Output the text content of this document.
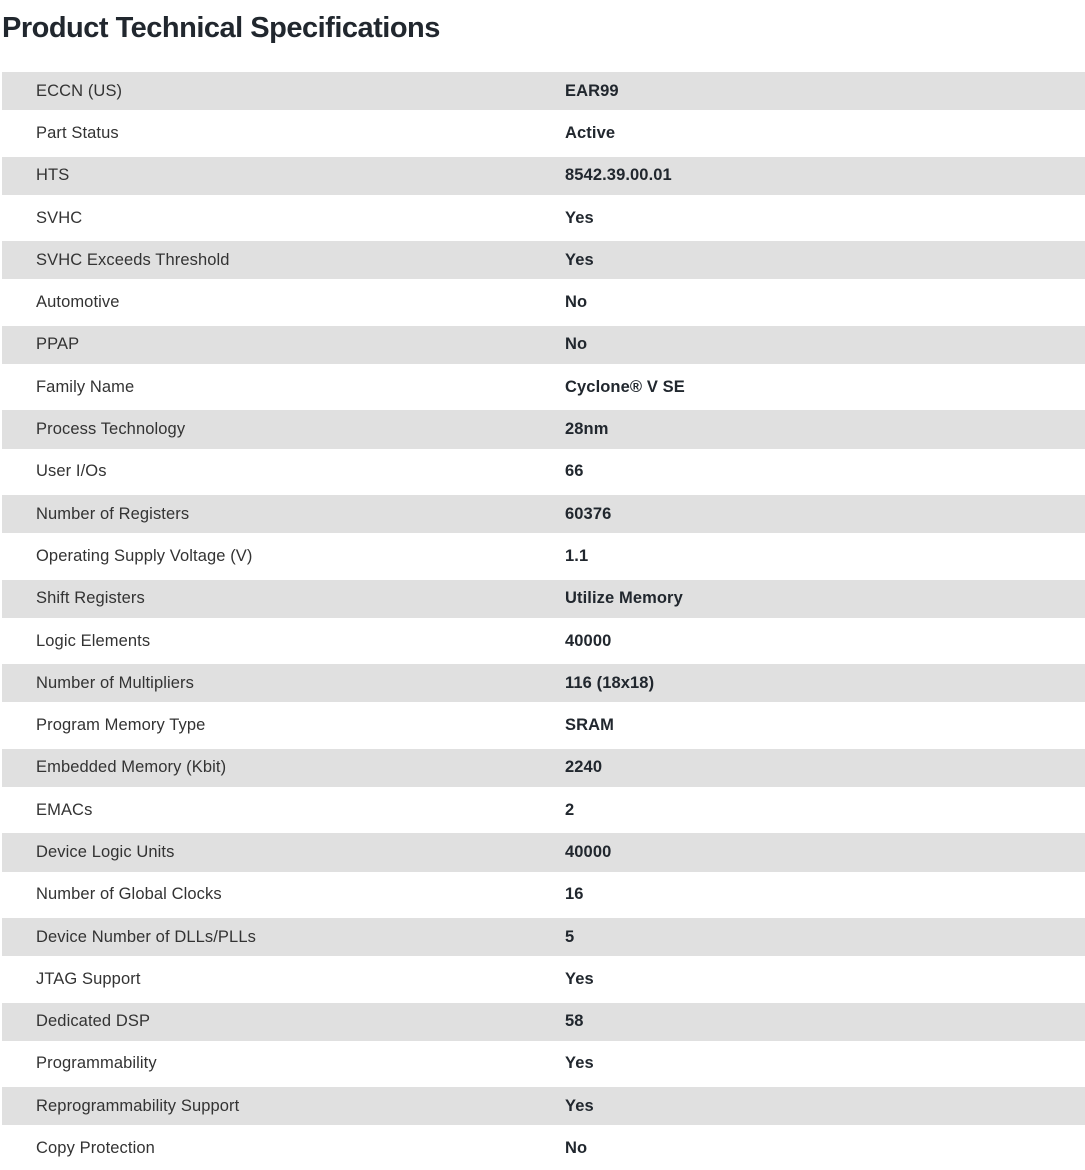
Product Technical Specifications
ECCN (US)	EAR99
Part Status	Active
HTS	8542.39.00.01
SVHC	Yes
SVHC Exceeds Threshold	Yes
Automotive	No
PPAP	No
Family Name	Cyclone® V SE
Process Technology	28nm
User I/Os	66
Number of Registers	60376
Operating Supply Voltage (V)	1.1
Shift Registers	Utilize Memory
Logic Elements	40000
Number of Multipliers	116 (18x18)
Program Memory Type	SRAM
Embedded Memory (Kbit)	2240
EMACs	2
Device Logic Units	40000
Number of Global Clocks	16
Device Number of DLLs/PLLs	5
JTAG Support	Yes
Dedicated DSP	58
Programmability	Yes
Reprogrammability Support	Yes
Copy Protection	No
